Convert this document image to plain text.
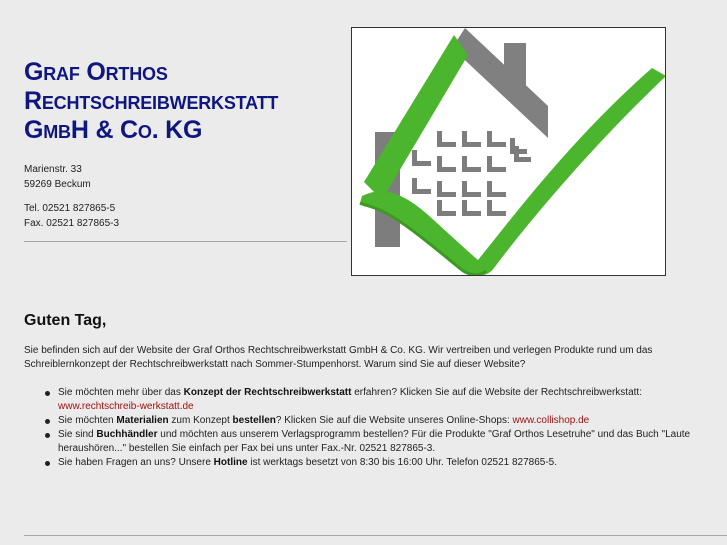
Graf Orthos
Rechtschreibwerkstatt
GmbH & Co. KG
Marienstr. 33
59269 Beckum
Tel. 02521 827865-5
Fax. 02521 827865-3
Guten Tag,

Sie befinden sich auf der Website der Graf Orthos Rechtschreibwerkstatt GmbH & Co. KG. Wir vertreiben und verlegen Produkte rund um das Schreiblernkonzept der Rechtschreibwerkstatt nach Sommer-Stumpenhorst. Warum sind Sie auf dieser Website?

Sie möchten mehr über das Konzept der Rechtschreibwerkstatt erfahren? Klicken Sie auf die Website der Rechtschreibwerkstatt:
www.rechtschreib-werkstatt.de
Sie möchten Materialien zum Konzept bestellen? Klicken Sie auf die Website unseres Online-Shops: www.collishop.de
Sie sind Buchhändler und möchten aus unserem Verlagsprogramm bestellen? Für die Produkte "Graf Orthos Lesetruhe" und das Buch "Laute heraushören..." bestellen Sie einfach per Fax bei uns unter Fax.-Nr. 02521 827865-3.
Sie haben Fragen an uns? Unsere Hotline ist werktags besetzt von 8:30 bis 16:00 Uhr. Telefon 02521 827865-5.
